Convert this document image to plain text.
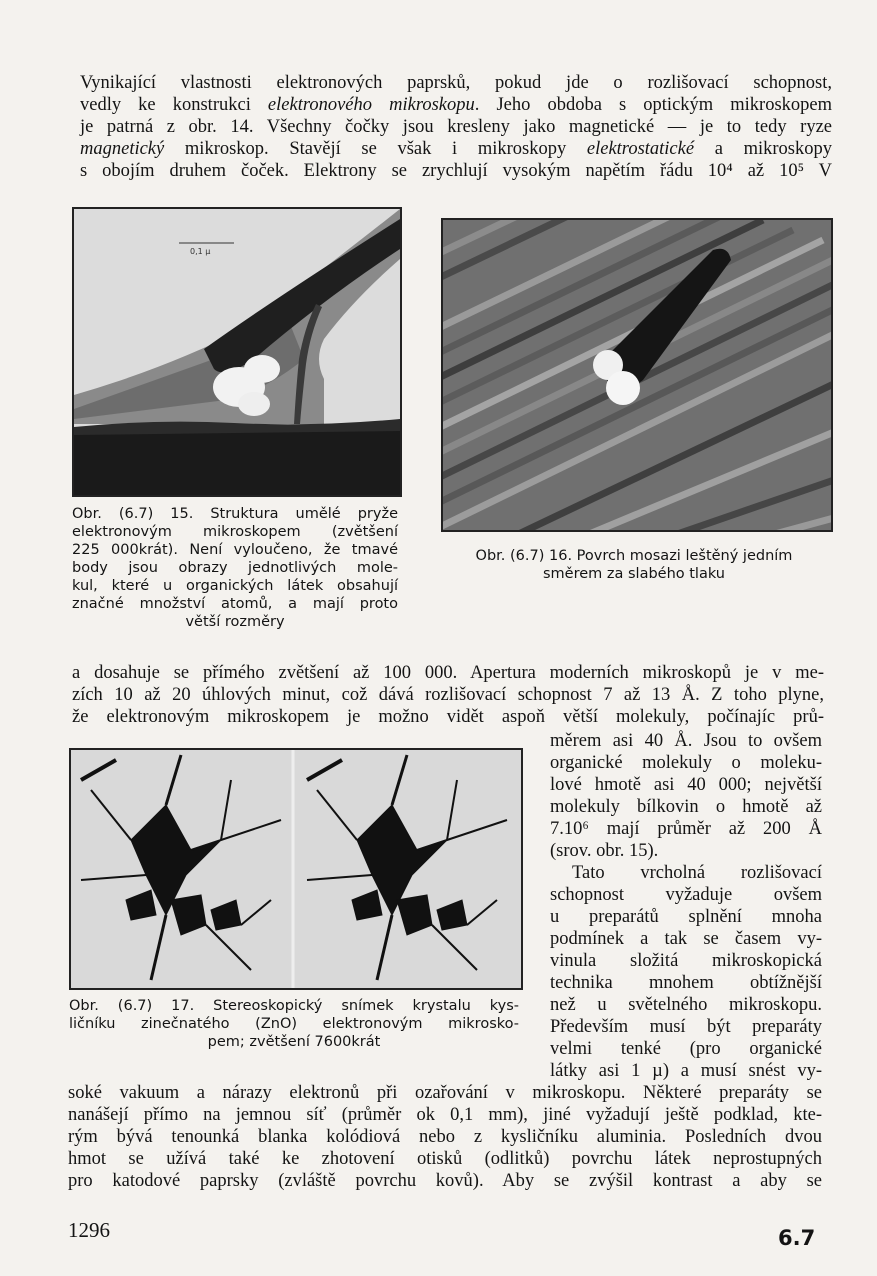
Vynikající vlastnosti elektronových paprsků, pokud jde o rozlišovací schopnost,
vedly ke konstrukci elektronového mikroskopu. Jeho obdoba s optickým mikroskopem
je patrná z obr. 14. Všechny čočky jsou kresleny jako magnetické — je to tedy ryze
magnetický mikroskop. Stavějí se však i mikroskopy elektrostatické a mikroskopy
s obojím druhem čoček. Elektrony se zrychlují vysokým napětím řádu 10⁴ až 10⁵ V
0,1 µ
Obr. (6.7) 15. Struktura umělé pryže
elektronovým mikroskopem (zvětšení
225 000krát). Není vyloučeno, že tmavé
body jsou obrazy jednotlivých mole-
kul, které u organických látek obsahují
značné množství atomů, a mají proto
větší rozměry
Obr. (6.7) 16. Povrch mosazi leštěný jedním
směrem za slabého tlaku
a dosahuje se přímého zvětšení až 100 000. Apertura moderních mikroskopů je v me-
zích 10 až 20 úhlových minut, což dává rozlišovací schopnost 7 až 13 Å. Z toho plyne,
že elektronovým mikroskopem je možno vidět aspoň větší molekuly, počínajíc prů-
měrem asi 40 Å. Jsou to ovšem
organické molekuly o moleku-
lové hmotě asi 40 000; největší
molekuly bílkovin o hmotě až
7.10⁶ mají průměr až 200 Å
(srov. obr. 15).
Tato vrcholná rozlišovací
schopnost vyžaduje ovšem
u preparátů splnění mnoha
podmínek a tak se časem vy-
vinula složitá mikroskopická
technika mnohem obtížnější
než u světelného mikroskopu.
Především musí být preparáty
velmi tenké (pro organické
látky asi 1 µ) a musí snést vy-
Obr. (6.7) 17. Stereoskopický snímek krystalu kys-
ličníku zinečnatého (ZnO) elektronovým mikrosko-
pem; zvětšení 7600krát
soké vakuum a nárazy elektronů při ozařování v mikroskopu. Některé preparáty se
nanášejí přímo na jemnou síť (průměr ok 0,1 mm), jiné vyžadují ještě podklad, kte-
rým bývá tenounká blanka kolódiová nebo z kysličníku aluminia. Posledních dvou
hmot se užívá také ke zhotovení otisků (odlitků) povrchu látek neprostupných
pro katodové paprsky (zvláště povrchu kovů). Aby se zvýšil kontrast a aby se
1296	6.7
